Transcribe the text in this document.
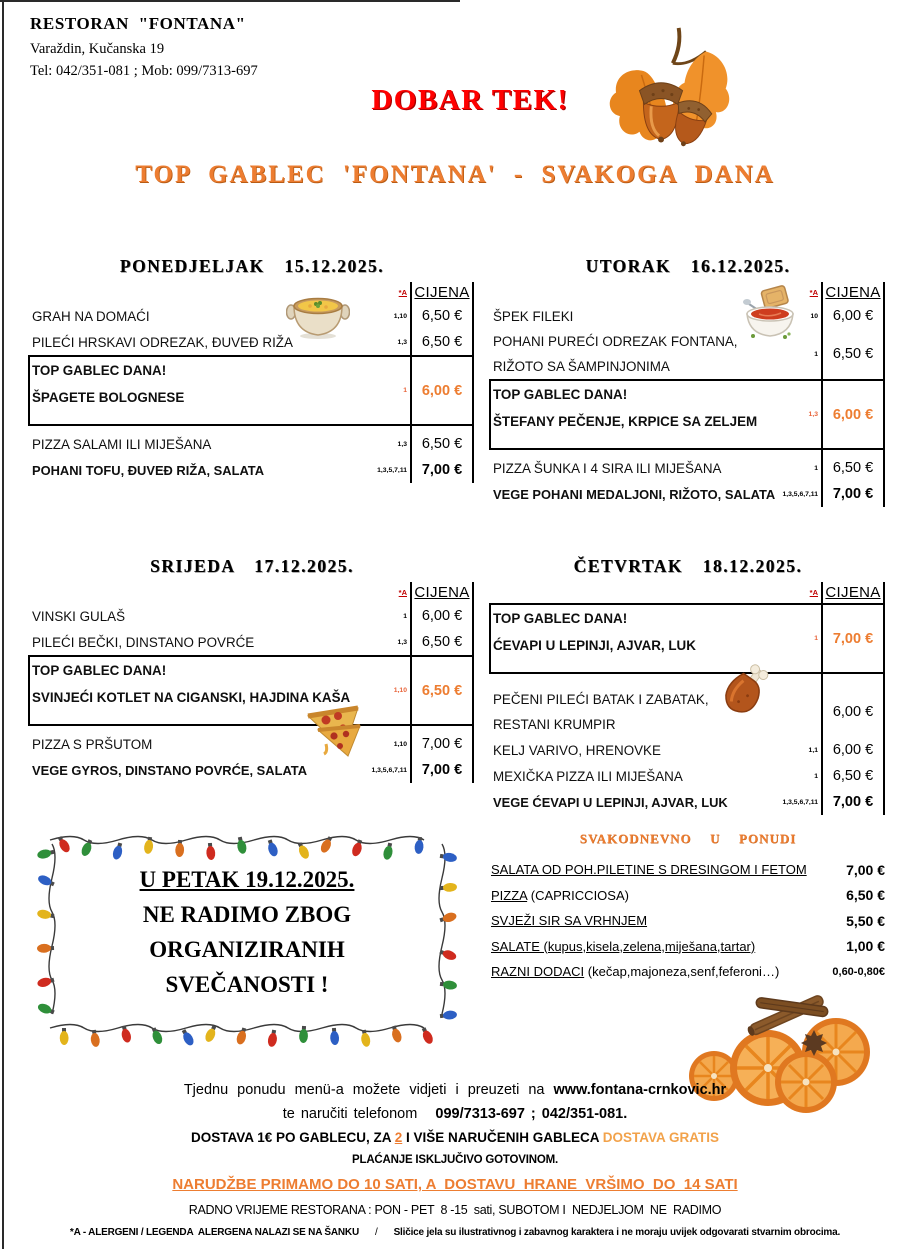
RESTORAN  "FONTANA"
Varaždin, Kučanska 19
Tel: 042/351-081 ; Mob: 099/7313-697
DOBAR TEK!
TOP GABLEC 'FONTANA' - SVAKOGA DANA
PONEDJELJAK  15.12.2025.
*A CIJENA
GRAH NA DOMAĆI	1,10	6,50 €
PILEĆI HRSKAVI ODREZAK, ĐUVEĐ RIŽA	1,3	6,50 €
TOP GABLEC DANA!
ŠPAGETE BOLOGNESE	1	6,00 €
PIZZA SALAMI ILI MIJEŠANA	1,3	6,50 €
POHANI TOFU, ĐUVEĐ RIŽA, SALATA	1,3,5,7,11	7,00 €
UTORAK  16.12.2025.
*A CIJENA
ŠPEK FILEKI	10	6,00 €
POHANI PUREĆI ODREZAK FONTANA,
RIŽOTO SA ŠAMPINJONIMA
1	6,50 €
TOP GABLEC DANA!
ŠTEFANY PEČENJE, KRPICE SA ZELJEM	1,3	6,00 €
PIZZA ŠUNKA I 4 SIRA ILI MIJEŠANA	1	6,50 €
VEGE POHANI MEDALJONI, RIŽOTO, SALATA	1,3,5,6,7,11	7,00 €
SRIJEDA  17.12.2025.
*A CIJENA
VINSKI GULAŠ	1	6,00 €
PILEĆI BEČKI, DINSTANO POVRĆE	1,3	6,50 €
TOP GABLEC DANA!
SVINJEĆI KOTLET NA CIGANSKI, HAJDINA KAŠA	1,10	6,50 €
PIZZA S PRŠUTOM	1,10	7,00 €
VEGE GYROS, DINSTANO POVRĆE, SALATA	1,3,5,6,7,11	7,00 €
ČETVRTAK  18.12.2025.
*A CIJENA
TOP GABLEC DANA!
ĆEVAPI U LEPINJI, AJVAR, LUK	1	7,00 €
PEČENI PILEĆI BATAK I ZABATAK,
RESTANI KRUMPIR
6,00 €
KELJ VARIVO, HRENOVKE	1,1	6,00 €
MEXIČKA PIZZA ILI MIJEŠANA	1	6,50 €
VEGE ĆEVAPI U LEPINJI, AJVAR, LUK	1,3,5,6,7,11	7,00 €
U PETAK 19.12.2025.
NE RADIMO ZBOG
ORGANIZIRANIH
SVEČANOSTI !
SVAKODNEVNO  U  PONUDI
SALATA OD POH.PILETINE S DRESINGOM I FETOM	7,00 €
PIZZA (CAPRICCIOSA)	6,50 €
SVJEŽI SIR SA VRHNJEM	5,50 €
SALATE (kupus,kisela,zelena,miješana,tartar)	1,00 €
RAZNI DODACI (kečap,majoneza,senf,feferoni…)	0,60-0,80€
Tjednu ponudu menü-a možete vidjeti i preuzeti na www.fontana-crnkovic.hr
te naručiti telefonom   099/7313-697 ; 042/351-081.
DOSTAVA 1€ PO GABLECU, ZA 2 I VIŠE NARUČENIH GABLECA DOSTAVA GRATIS
PLAĆANJE ISKLJUČIVO GOTOVINOM.
NARUDŽBE PRIMAMO DO 10 SATI, A  DOSTAVU  HRANE  VRŠIMO  DO  14 SATI
RADNO VRIJEME RESTORANA : PON - PET  8 -15  sati, SUBOTOM I  NEDJELJOM  NE  RADIMO
*A - ALERGENI / LEGENDA  ALERGENA NALAZI SE NA ŠANKU / Sličice jela su ilustrativnog i zabavnog karaktera i ne moraju uvijek odgovarati stvarnim obrocima.
